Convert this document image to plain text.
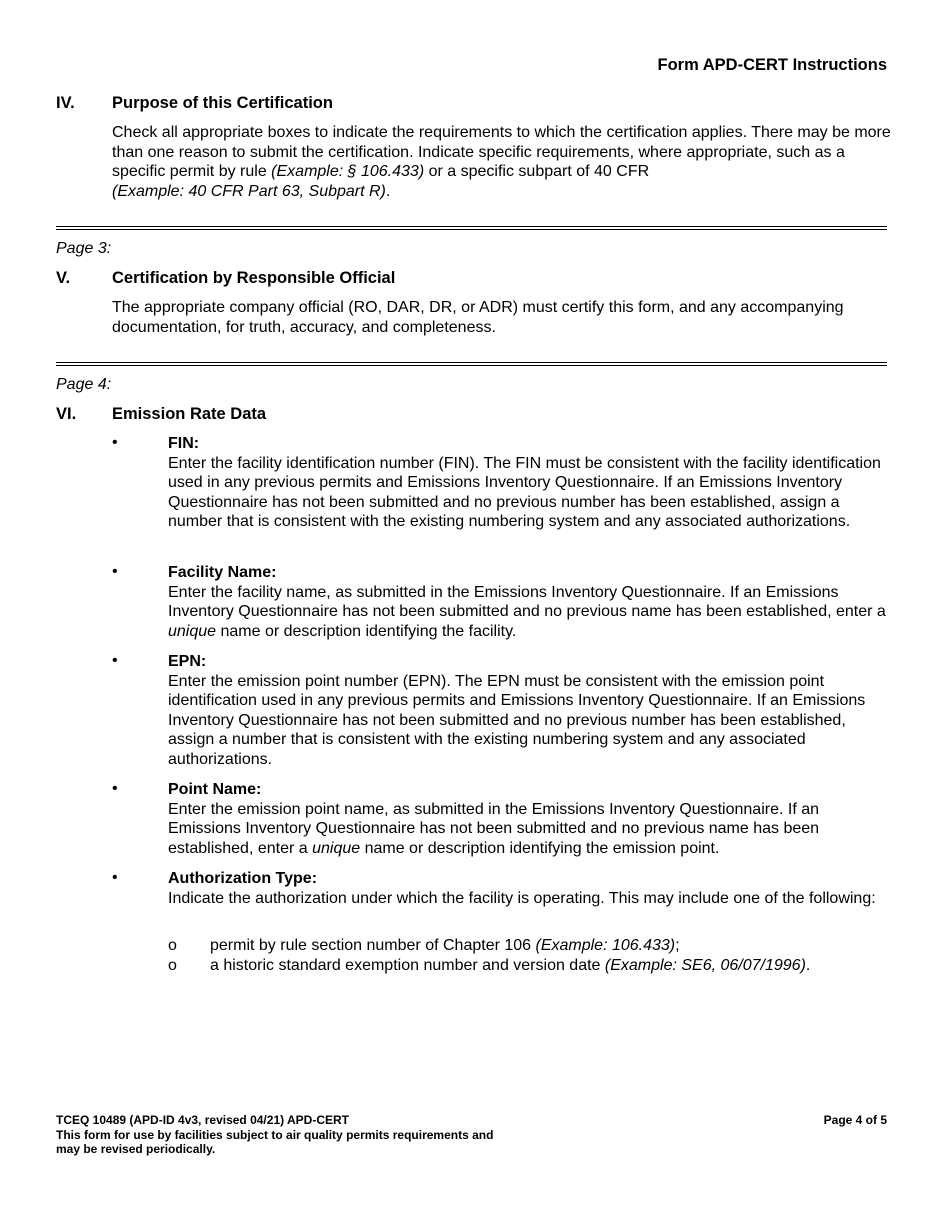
Form APD-CERT Instructions
IV. Purpose of this Certification
Check all appropriate boxes to indicate the requirements to which the certification applies. There may be more than one reason to submit the certification. Indicate specific requirements, where appropriate, such as a specific permit by rule (Example: § 106.433) or a specific subpart of 40 CFR
(Example: 40 CFR Part 63, Subpart R).
Page 3:
V.	Certification by Responsible Official
The appropriate company official (RO, DAR, DR, or ADR) must certify this form, and any accompanying documentation, for truth, accuracy, and completeness.
Page 4:
VI. Emission Rate Data
•	FIN:
Enter the facility identification number (FIN). The FIN must be consistent with the facility identification used in any previous permits and Emissions Inventory Questionnaire. If an Emissions Inventory Questionnaire has not been submitted and no previous number has been established, assign a number that is consistent with the existing numbering system and any associated authorizations.
•	Facility Name:
Enter the facility name, as submitted in the Emissions Inventory Questionnaire. If an Emissions Inventory Questionnaire has not been submitted and no previous name has been established, enter a unique name or description identifying the facility.
•	EPN:
Enter the emission point number (EPN). The EPN must be consistent with the emission point identification used in any previous permits and Emissions Inventory Questionnaire. If an Emissions Inventory Questionnaire has not been submitted and no previous number has been established, assign a number that is consistent with the existing numbering system and any associated authorizations.
•	Point Name:
Enter the emission point name, as submitted in the Emissions Inventory Questionnaire. If an Emissions Inventory Questionnaire has not been submitted and no previous name has been established, enter a unique name or description identifying the emission point.
•	Authorization Type:
Indicate the authorization under which the facility is operating. This may include one of the following:
o permit by rule section number of Chapter 106 (Example: 106.433);
o a historic standard exemption number and version date (Example: SE6, 06/07/1996).
TCEQ 10489 (APD-ID 4v3, revised 04/21) APD-CERT
This form for use by facilities subject to air quality permits requirements and
may be revised periodically.
Page 4 of 5
